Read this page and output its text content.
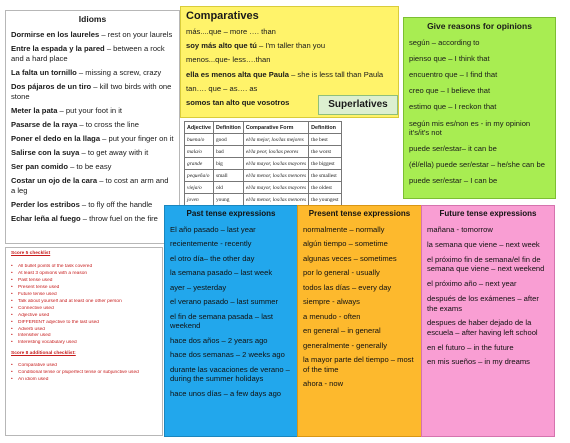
Idioms
Dormirse en los laureles – rest on your laurels
Entre la espada y la pared – between a rock and a hard place
La falta un tornillo – missing a screw, crazy
Dos pájaros de un tiro – kill two birds with one stone
Meter la pata – put your foot in it
Pasarse de la raya – to cross the line
Poner el dedo en la llaga – put your finger on it
Salirse con la suya – to get away with it
Ser pan comido – to be easy
Costar un ojo de la cara – to cost an arm and a leg
Perder los estribos – to fly off the handle
Echar leña al fuego – throw fuel on the fire
Comparatives
más....que – more …. than
soy más alto que tú – I'm taller than you
menos...que- less….than
ella es menos alta que Paula – she is less tall than Paula
tan…. que – as…. as
somos tan alto que vosotros	Superlatives
Adjective	Definition	Comparative Form	Definition
buena/o	good	el/la mejor, los/las mejores	the best
mala/o	bad	el/la peor, los/las peores	the worst
grande	big	el/la mayor, los/las mayores	the biggest
pequeña/o	small	el/la menor, los/las menores	the smallest
vieja/o	old	el/la mayor, los/las mayores	the oldest
joven	young	el/la menor, los/las menores	the youngest
Give reasons for opinions
según – according to
pienso que – I think that
encuentro que – I find that
creo que – I believe that
estimo que – I reckon that
según mis es/non es - in my opinion it's/it's not
puede ser/estar– it can be
(él/ella) puede ser/estar – he/she can be
puede ser/estar – I can be
Score 5 checklist
• All bullet points of the task covered
• At least 3 opinions with a reason
• Past tense used
• Present tense used
• Future tense used
• Talk about yourself and at least one other person
• Connective used
• Adjective used
• DIFFERENT adjective to the last used
• Adverb used
• Intensifier used
• Interesting vocabulary used
Score 8 additional checklist:
• Comparative used
• Conditional tense or pluperfect tense or subjunctive used
• An idiom used
Past tense expressions
El año pasado – last year
recientemente - recently
el otro día– the other day
la semana pasado – last week
ayer – yesterday
el verano pasado – last summer
el fin de semana pasada – last weekend
hace dos años – 2 years ago
hace dos semanas – 2 weeks ago
durante las vacaciones de verano – during the summer holidays
hace unos días – a few days ago
Present tense expressions
normalmente – normally
algún tiempo – sometime
algunas veces – sometimes
por lo general - usually
todos las días – every day
siempre - always
a menudo - often
en general – in general
generalmente - generally
la mayor parte del tiempo – most of the time
ahora - now
Future tense expressions
mañana - tomorrow
la semana que viene – next week
el próximo fin de semana/el fin de semana que viene – next weekend
el próximo año – next year
después de los exámenes – after the exams
despues de haber dejado de la escuela – after having left school
en el futuro – in the future
en mis sueños – in my dreams
